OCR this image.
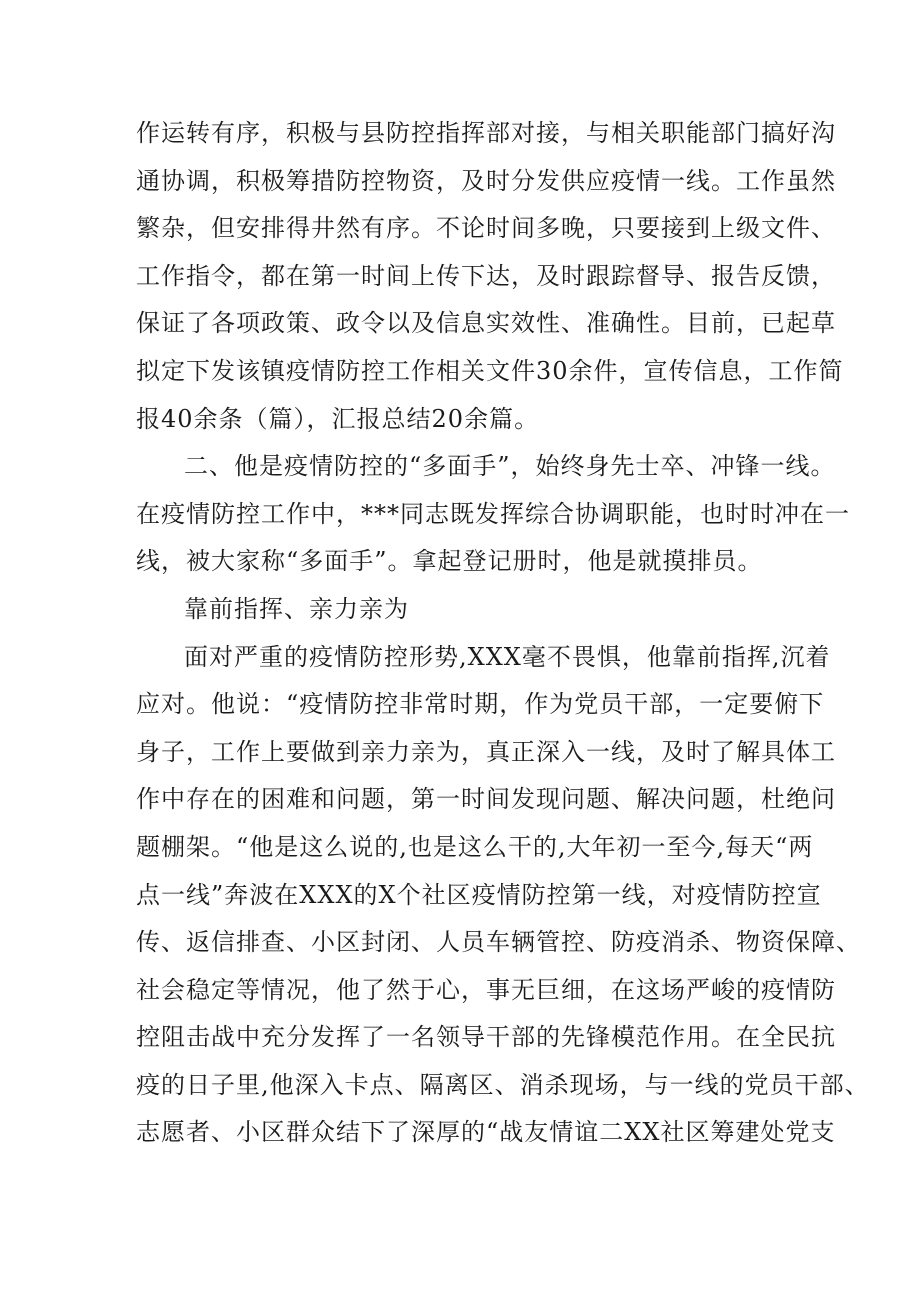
作运转有序，积极与县防控指挥部对接，与相关职能部门搞好沟
通协调，积极筹措防控物资，及时分发供应疫情一线。工作虽然
繁杂，但安排得井然有序。不论时间多晚，只要接到上级文件、
工作指令，都在第一时间上传下达，及时跟踪督导、报告反馈，
保证了各项政策、政令以及信息实效性、准确性。目前，已起草
拟定下发该镇疫情防控工作相关文件30余件，宣传信息，工作简
报40余条（篇），汇报总结20余篇。
二、他是疫情防控的“多面手”，始终身先士卒、冲锋一线。
在疫情防控工作中，***同志既发挥综合协调职能，也时时冲在一
线，被大家称“多面手”。拿起登记册时，他是就摸排员。
靠前指挥、亲力亲为
面对严重的疫情防控形势,XXX毫不畏惧，他靠前指挥,沉着
应对。他说：“疫情防控非常时期，作为党员干部，一定要俯下
身子，工作上要做到亲力亲为，真正深入一线，及时了解具体工
作中存在的困难和问题，第一时间发现问题、解决问题，杜绝问
题棚架。“他是这么说的,也是这么干的,大年初一至今,每天“两
点一线”奔波在XXX的X个社区疫情防控第一线，对疫情防控宣
传、返信排查、小区封闭、人员车辆管控、防疫消杀、物资保障、
社会稳定等情况，他了然于心，事无巨细，在这场严峻的疫情防
控阻击战中充分发挥了一名领导干部的先锋模范作用。在全民抗
疫的日子里,他深入卡点、隔离区、消杀现场，与一线的党员干部、
志愿者、小区群众结下了深厚的“战友情谊二XX社区筹建处党支
